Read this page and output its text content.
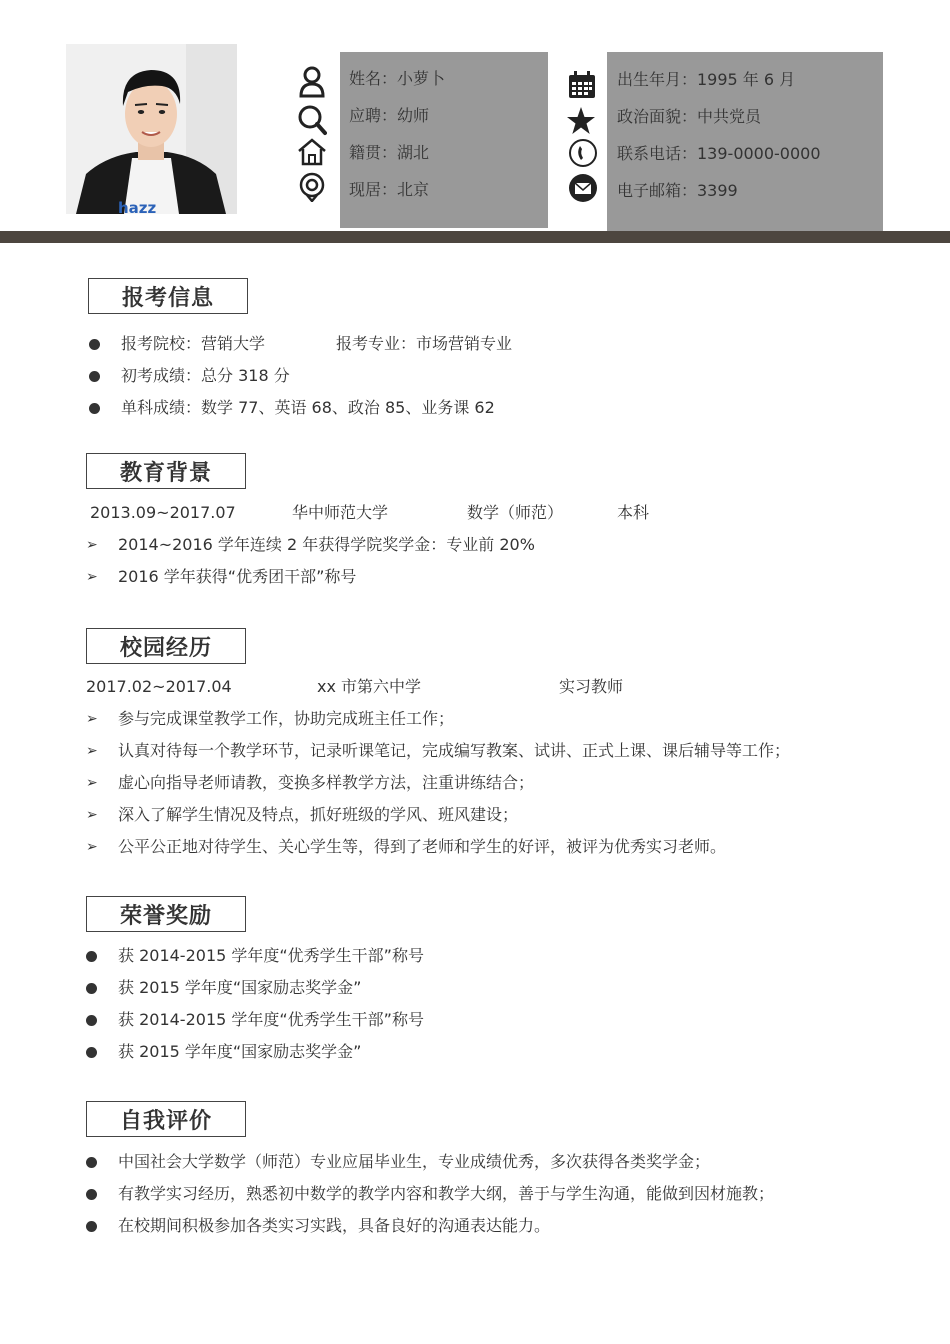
hazz
姓名：小萝卜
应聘：幼师
籍贯：湖北
现居：北京
出生年月：1995 年 6 月
政治面貌：中共党员
联系电话：139-0000-0000
电子邮箱：3399
报考信息
报考院校：营销大学	报考专业：市场营销专业
初考成绩：总分 318 分
单科成绩：数学 77、英语 68、政治 85、业务课 62
教育背景
2013.09~2017.07	华中师范大学	数学（师范）	本科
➢ 2014~2016 学年连续 2 年获得学院奖学金：专业前 20%
➢ 2016 学年获得“优秀团干部”称号
校园经历
2017.02~2017.04	xx 市第六中学	实习教师
➢ 参与完成课堂教学工作，协助完成班主任工作；
➢ 认真对待每一个教学环节，记录听课笔记，完成编写教案、试讲、正式上课、课后辅导等工作；
➢ 虚心向指导老师请教，变换多样教学方法，注重讲练结合；
➢ 深入了解学生情况及特点，抓好班级的学风、班风建设；
➢ 公平公正地对待学生、关心学生等，得到了老师和学生的好评，被评为优秀实习老师。
荣誉奖励
获 2014-2015 学年度“优秀学生干部”称号
获 2015 学年度“国家励志奖学金”
获 2014-2015 学年度“优秀学生干部”称号
获 2015 学年度“国家励志奖学金”
自我评价
中国社会大学数学（师范）专业应届毕业生，专业成绩优秀，多次获得各类奖学金；
有教学实习经历，熟悉初中数学的教学内容和教学大纲，善于与学生沟通，能做到因材施教；
在校期间积极参加各类实习实践，具备良好的沟通表达能力。
